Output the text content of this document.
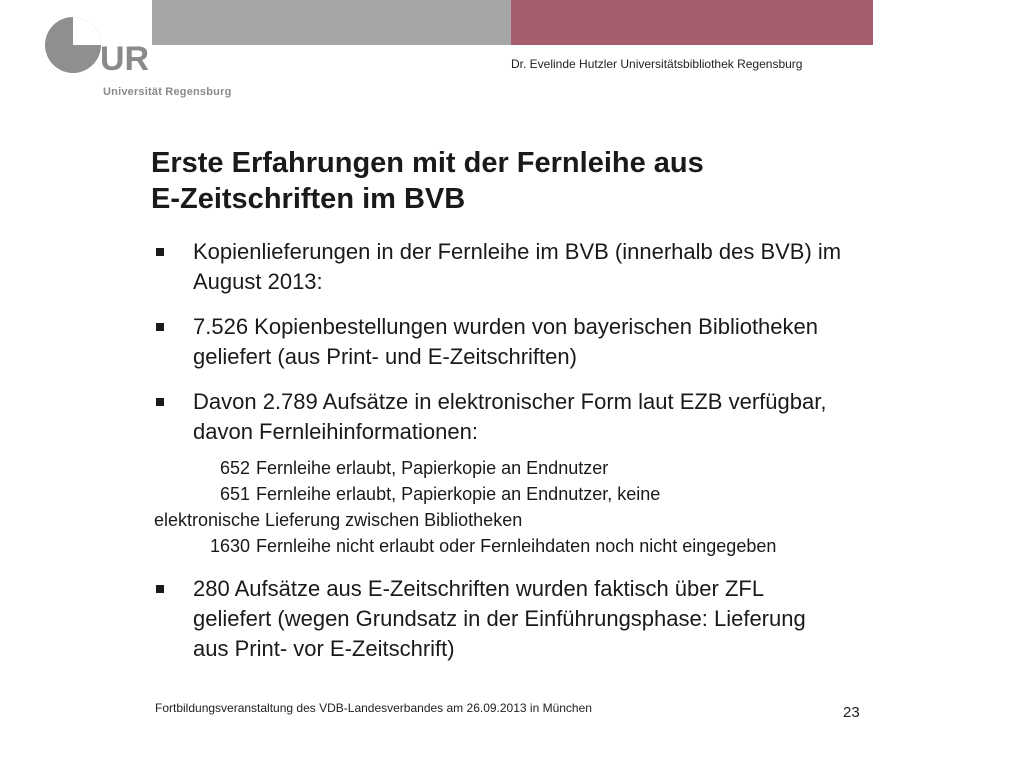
UR
Universität Regensburg
Dr. Evelinde Hutzler Universitätsbibliothek Regensburg
Erste Erfahrungen mit der Fernleihe aus
E-Zeitschriften im BVB
Kopienlieferungen in der Fernleihe im BVB (innerhalb des BVB) im
August 2013:
7.526 Kopienbestellungen wurden von bayerischen Bibliotheken
geliefert (aus Print- und E-Zeitschriften)
Davon 2.789 Aufsätze in elektronischer Form laut EZB verfügbar,
davon Fernleihinformationen:
652 Fernleihe erlaubt, Papierkopie an Endnutzer
651 Fernleihe erlaubt, Papierkopie an Endnutzer, keine
elektronische Lieferung zwischen Bibliotheken
1630 Fernleihe nicht erlaubt oder Fernleihdaten noch nicht eingegeben
280 Aufsätze aus E-Zeitschriften wurden faktisch über ZFL
geliefert (wegen Grundsatz in der Einführungsphase: Lieferung
aus Print- vor E-Zeitschrift)
Fortbildungsveranstaltung des VDB-Landesverbandes am 26.09.2013 in München	23
